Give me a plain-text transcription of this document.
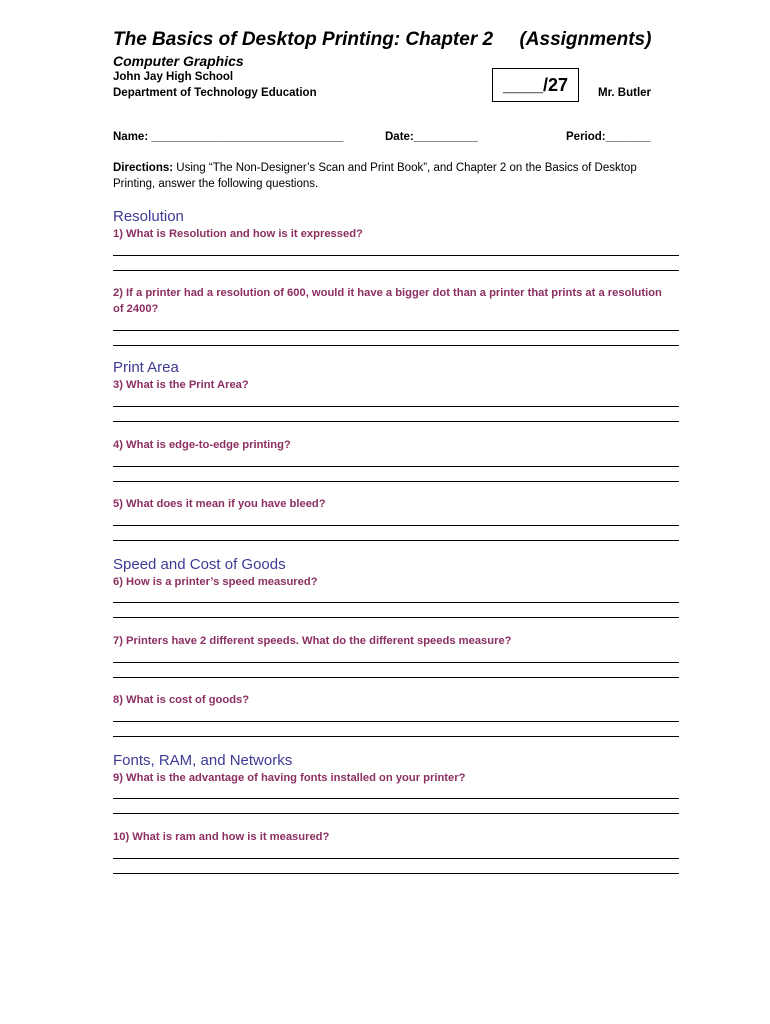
The Basics of Desktop Printing: Chapter 2     (Assignments)
Computer Graphics
John Jay High School
Department of Technology Education	____/27	Mr. Butler
Name: ______________________________	Date:__________	Period:_______
Directions: Using “The Non-Designer’s Scan and Print Book”, and Chapter 2 on the Basics of Desktop Printing, answer the following questions.
Resolution
1) What is Resolution and how is it expressed?
2) If a printer had a resolution of 600, would it have a bigger dot than a printer that prints at a resolution of 2400?
Print Area
3) What is the Print Area?
4) What is edge-to-edge printing?
5) What does it mean if you have bleed?
Speed and Cost of Goods
6) How is a printer’s speed measured?
7) Printers have 2 different speeds. What do the different speeds measure?
8) What is cost of goods?
Fonts, RAM, and Networks
9) What is the advantage of having fonts installed on your printer?
10) What is ram and how is it measured?
